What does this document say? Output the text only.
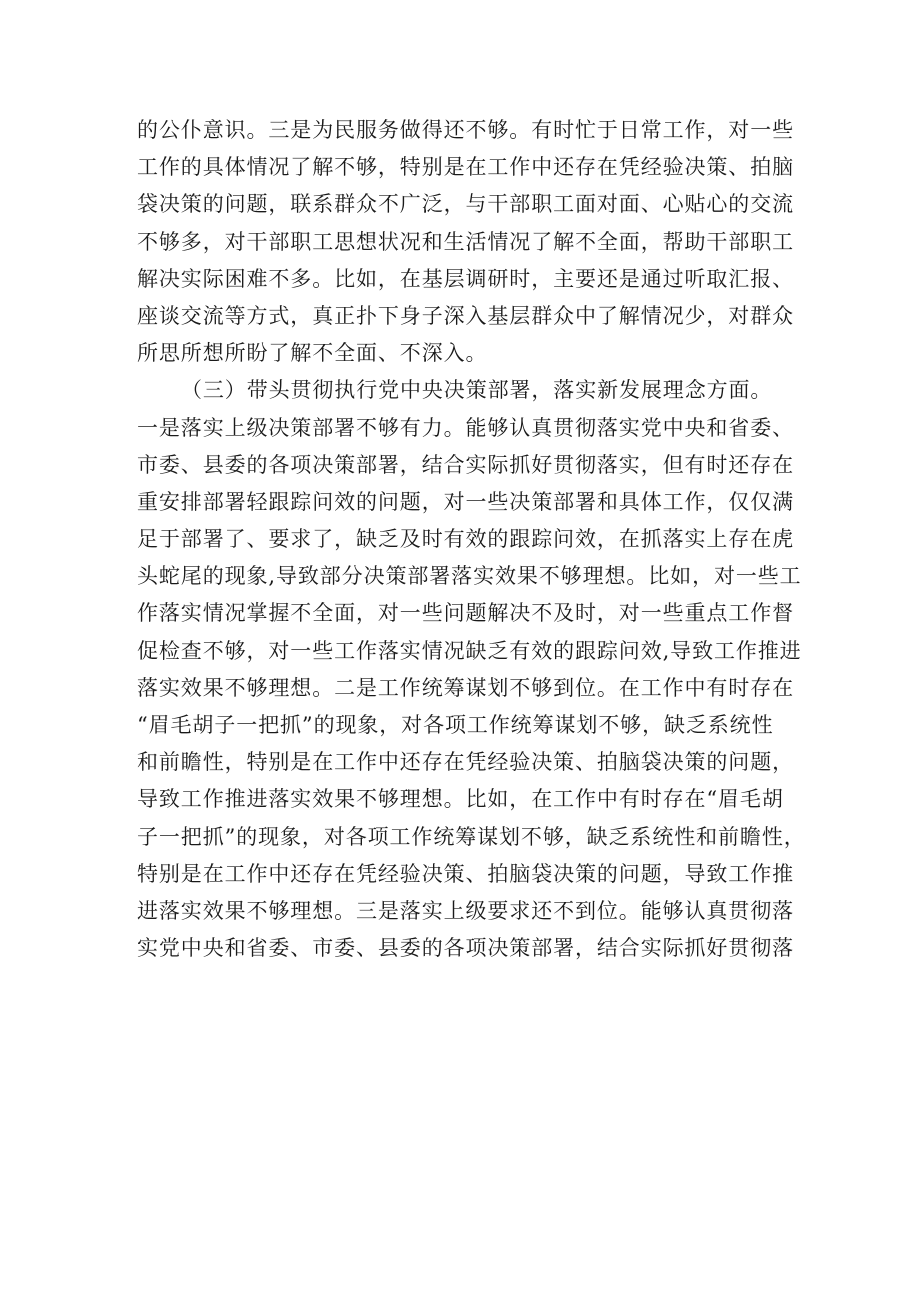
的公仆意识。三是为民服务做得还不够。有时忙于日常工作，对一些
工作的具体情况了解不够，特别是在工作中还存在凭经验决策、拍脑
袋决策的问题，联系群众不广泛，与干部职工面对面、心贴心的交流
不够多，对干部职工思想状况和生活情况了解不全面，帮助干部职工
解决实际困难不多。比如，在基层调研时，主要还是通过听取汇报、
座谈交流等方式，真正扑下身子深入基层群众中了解情况少，对群众
所思所想所盼了解不全面、不深入。
（三）带头贯彻执行党中央决策部署，落实新发展理念方面。
一是落实上级决策部署不够有力。能够认真贯彻落实党中央和省委、
市委、县委的各项决策部署，结合实际抓好贯彻落实，但有时还存在
重安排部署轻跟踪问效的问题，对一些决策部署和具体工作，仅仅满
足于部署了、要求了，缺乏及时有效的跟踪问效，在抓落实上存在虎
头蛇尾的现象,导致部分决策部署落实效果不够理想。比如，对一些工
作落实情况掌握不全面，对一些问题解决不及时，对一些重点工作督
促检查不够，对一些工作落实情况缺乏有效的跟踪问效,导致工作推进
落实效果不够理想。二是工作统筹谋划不够到位。在工作中有时存在
“眉毛胡子一把抓”的现象，对各项工作统筹谋划不够，缺乏系统性
和前瞻性，特别是在工作中还存在凭经验决策、拍脑袋决策的问题，
导致工作推进落实效果不够理想。比如，在工作中有时存在“眉毛胡
子一把抓”的现象，对各项工作统筹谋划不够，缺乏系统性和前瞻性，
特别是在工作中还存在凭经验决策、拍脑袋决策的问题，导致工作推
进落实效果不够理想。三是落实上级要求还不到位。能够认真贯彻落
实党中央和省委、市委、县委的各项决策部署，结合实际抓好贯彻落
